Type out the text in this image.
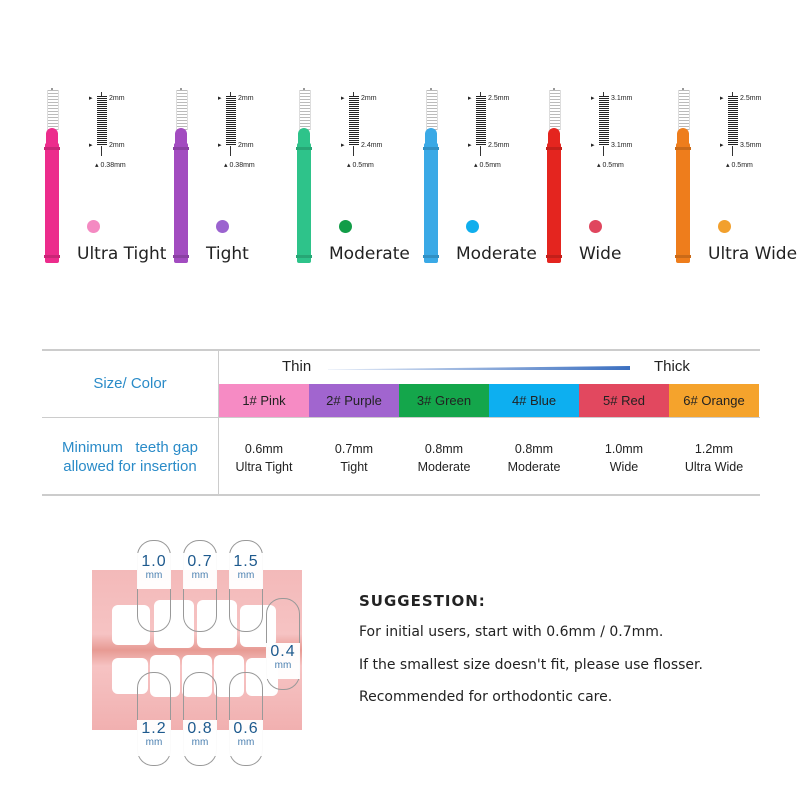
▸ 2mm
▸ 2mm
▴ 0.38mm
Ultra Tight
▸ 2mm
▸ 2mm
▴ 0.38mm
Tight
▸ 2mm
▸ 2.4mm
▴ 0.5mm
Moderate
▸ 2.5mm
▸ 2.5mm
▴ 0.5mm
Moderate
▸ 3.1mm
▸ 3.1mm
▴ 0.5mm
Wide
▸ 2.5mm
▸ 3.5mm
▴ 0.5mm
Ultra Wide
Size/ Color
Minimum   teeth gap
allowed for insertion
Thin	Thick
1# Pink
0.6mm
Ultra Tight
2# Purple
0.7mm
Tight
3# Green
0.8mm
Moderate
4# Blue
0.8mm
Moderate
5# Red
1.0mm
Wide
6# Orange
1.2mm
Ultra Wide
1.0
mm
0.7
mm
1.5
mm
0.4
mm
1.2
mm
0.8
mm
0.6
mm
SUGGESTION:
For initial users, start with 0.6mm / 0.7mm.
If the smallest size doesn't fit, please use flosser.
Recommended for orthodontic care.
